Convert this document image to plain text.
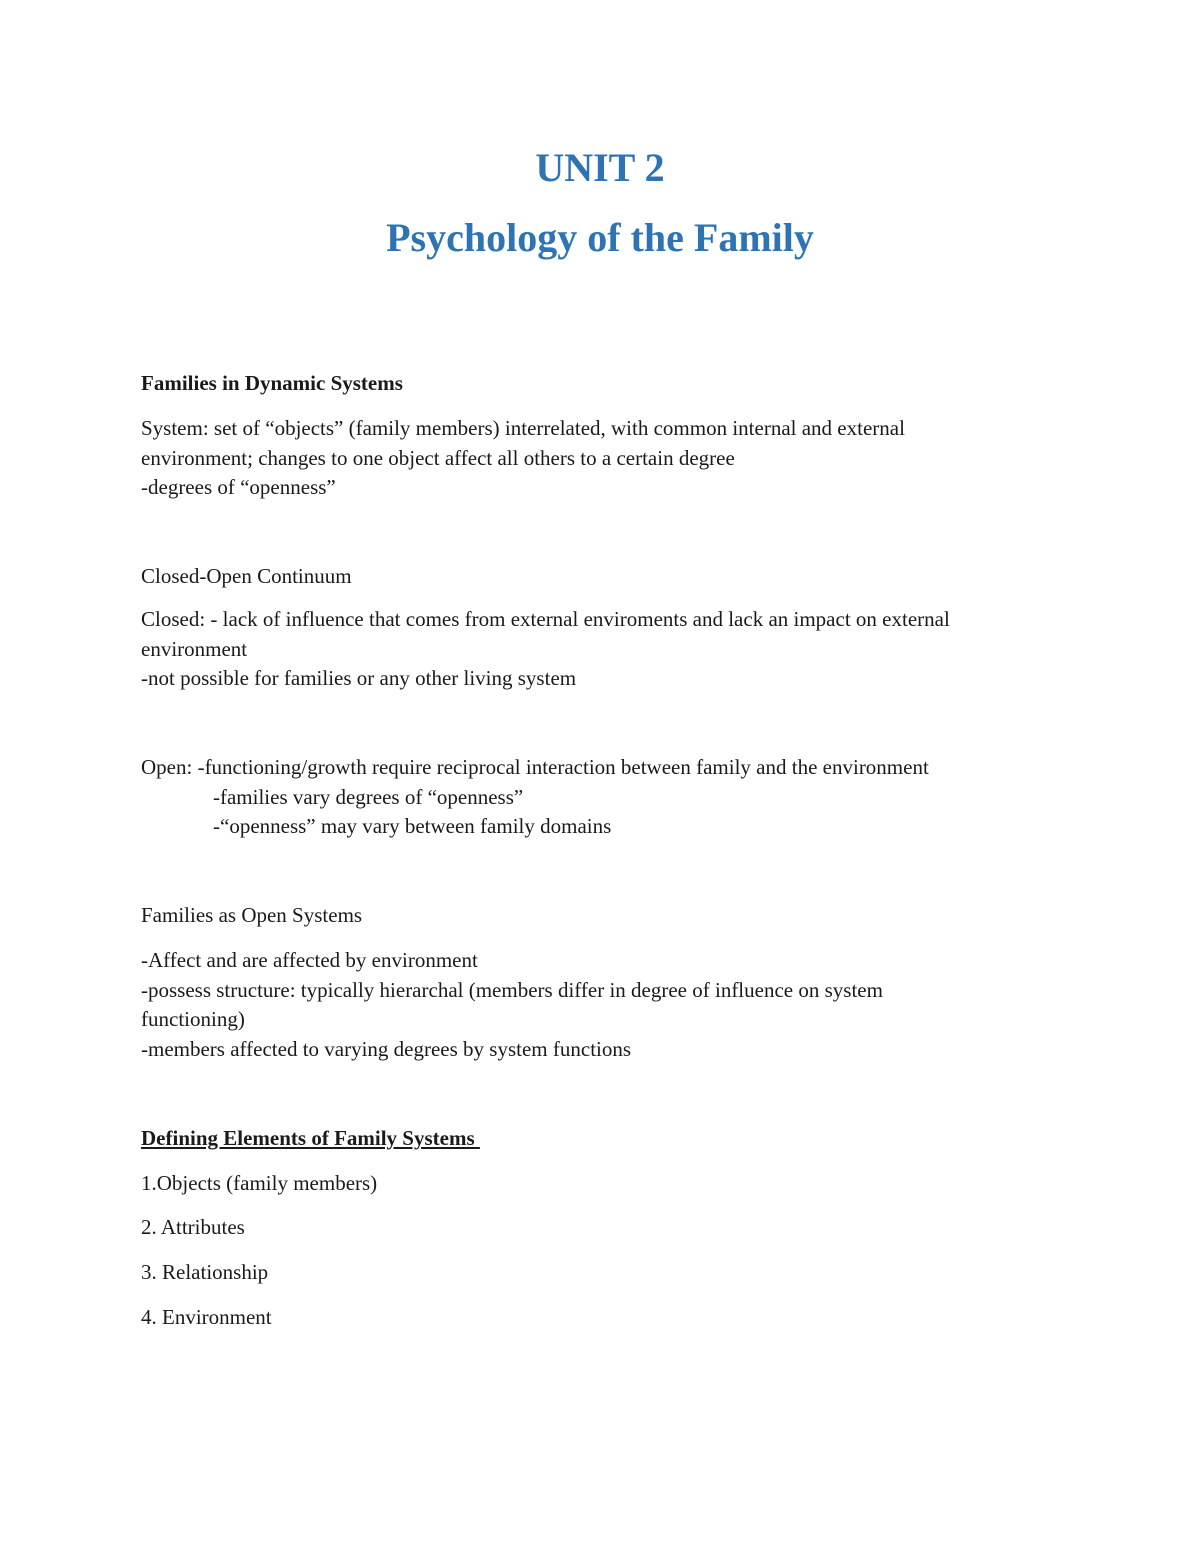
UNIT 2
Psychology of the Family
Families in Dynamic Systems
System: set of “objects” (family members) interrelated, with common internal and external
environment; changes to one object affect all others to a certain degree
-degrees of “openness”
Closed-Open Continuum
Closed: - lack of influence that comes from external enviroments and lack an impact on external
environment
-not possible for families or any other living system
Open: -functioning/growth require reciprocal interaction between family and the environment
-families vary degrees of “openness”
-“openness” may vary between family domains
Families as Open Systems
-Affect and are affected by environment
-possess structure: typically hierarchal (members differ in degree of influence on system
functioning)
-members affected to varying degrees by system functions
Defining Elements of Family Systems
1.Objects (family members)
2. Attributes
3. Relationship
4. Environment
